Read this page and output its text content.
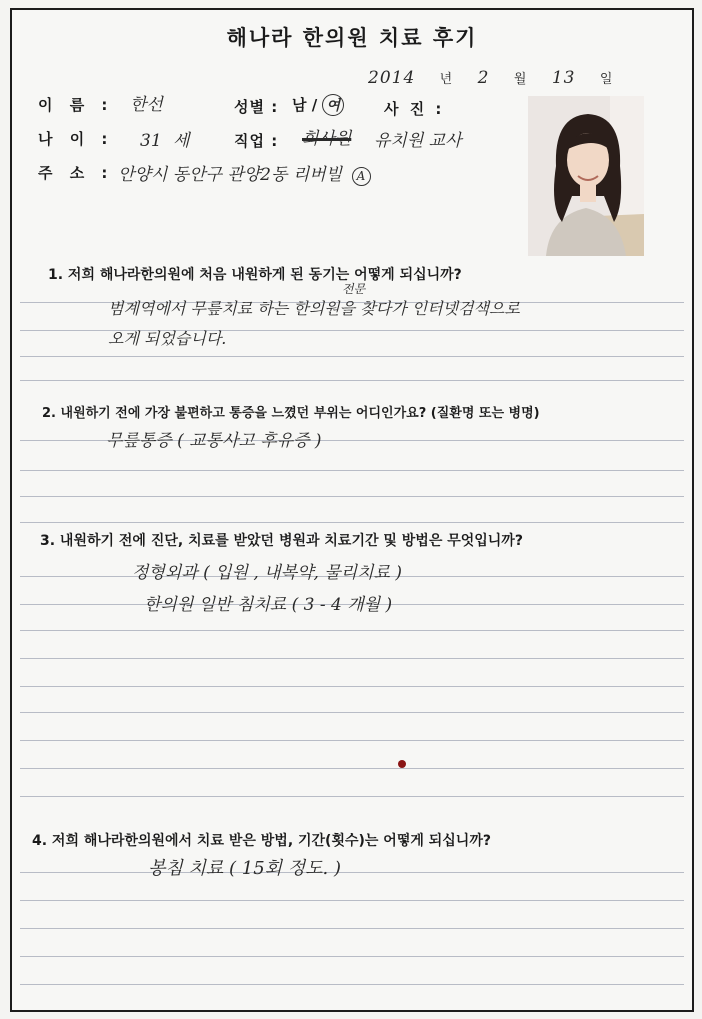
해나라 한의원 치료 후기
2014 년 2 월 13 일
이 름 : 한선	성별 : 남 / 여	사 진 :
나 이 : 31 세	직업 : 회사원 유치원 교사
주 소 : 안양시 동안구 관양2동 리버빌 A
1. 저희 해나라한의원에 처음 내원하게 된 동기는 어떻게 되십니까?
범계역에서 무릎치료 하는 한의원을 찾다가 인터넷검색으로
전문
오게 되었습니다.
2. 내원하기 전에 가장 불편하고 통증을 느꼈던 부위는 어디인가요? (질환명 또는 병명)
무릎통증 ( 교통사고 후유증 )
3. 내원하기 전에 진단, 치료를 받았던 병원과 치료기간 및 방법은 무엇입니까?
정형외과 ( 입원 , 내복약, 물리치료 )
한의원 일반 침치료 ( 3 - 4 개월 )
4. 저희 해나라한의원에서 치료 받은 방법, 기간(횟수)는 어떻게 되십니까?
봉침 치료 ( 15회 정도. )
